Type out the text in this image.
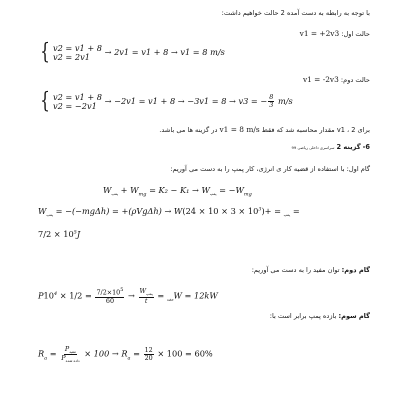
با توجه به رابطه به دست آمده 2 حالت خواهیم داشت:
حالت اول: v1 = +2v3
{ v2 = v1 + 8
v2 = 2v1
→ 2v1 = v1 + 8 → v1 = 8 m/s
حالت دوم: v1 = -2v3
{ v2 = v1 + 8
v2 = −2v1
→ −2v1 = v1 + 8 → −3v1 = 8 → v3 = − $\frac{8}{3} m/s$
برای v1 ، 2 مقدار محاسبه شد که فقط v1 = 8 m/s در گزینه ها می باشد.
6- گزینه 2 سراسری داخلی ریاضی 99
گام اول: با استفاده از قضیه کار ی انرژی، کار پمپ را به دست می آوریم:
$W_{پمپ} + W_{mg} = K_2 - K_1 \to W_{پمپ} = -W_{mg}$
$W_{پمپ} = -(-mg\Delta h) = +(\rho Vg\Delta h) \to W$	$_{پمپ} = +(10^3 \times 3 \times 10 \times 24)$ =
$7/2 \times 10^5J$
گام دوم: توان مفید را به دست می آوریم:
P	$_{مفید}$ =
$\frac{W_{پمپ}}{t}$
→
$\frac{7/2\times 10^5}{60}$
= $1/2 \times 10^4$	W = 12kW
گام سوم: بازده پمپ برابر است با:
$R_a = \frac{P_{مفید}}{P_{داده شده}} \times 100 \to R_a = \frac{12}{20} \times 100 = 60\%$
